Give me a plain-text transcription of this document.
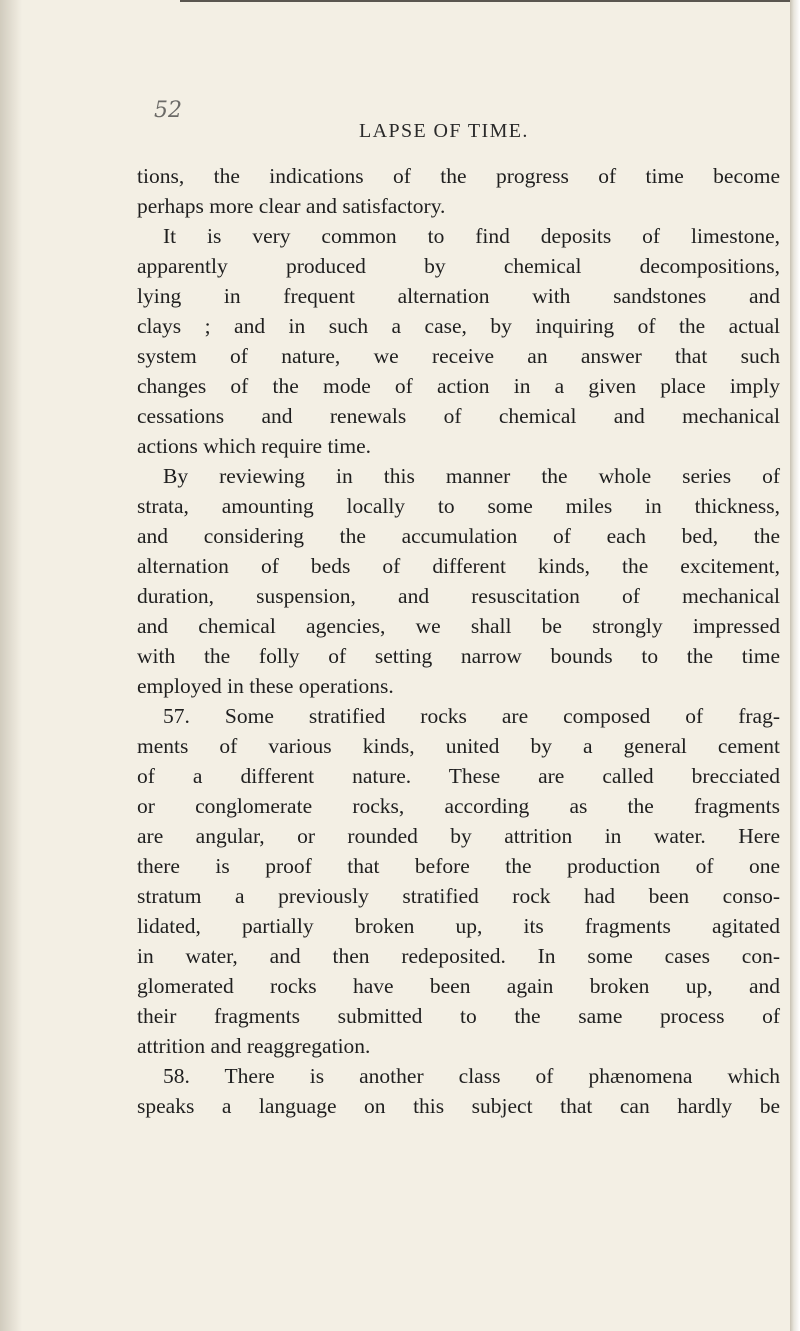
52
LAPSE OF TIME.
tions, the indications of the progress of time become
perhaps more clear and satisfactory.
It is very common to find deposits of limestone,
apparently produced by chemical decompositions,
lying in frequent alternation with sandstones and
clays ; and in such a case, by inquiring of the actual
system of nature, we receive an answer that such
changes of the mode of action in a given place imply
cessations and renewals of chemical and mechanical
actions which require time.
By reviewing in this manner the whole series of
strata, amounting locally to some miles in thickness,
and considering the accumulation of each bed, the
alternation of beds of different kinds, the excitement,
duration, suspension, and resuscitation of mechanical
and chemical agencies, we shall be strongly impressed
with the folly of setting narrow bounds to the time
employed in these operations.
57. Some stratified rocks are composed of frag-
ments of various kinds, united by a general cement
of a different nature. These are called brecciated
or conglomerate rocks, according as the fragments
are angular, or rounded by attrition in water. Here
there is proof that before the production of one
stratum a previously stratified rock had been conso-
lidated, partially broken up, its fragments agitated
in water, and then redeposited. In some cases con-
glomerated rocks have been again broken up, and
their fragments submitted to the same process of
attrition and reaggregation.
58. There is another class of phænomena which
speaks a language on this subject that can hardly be
